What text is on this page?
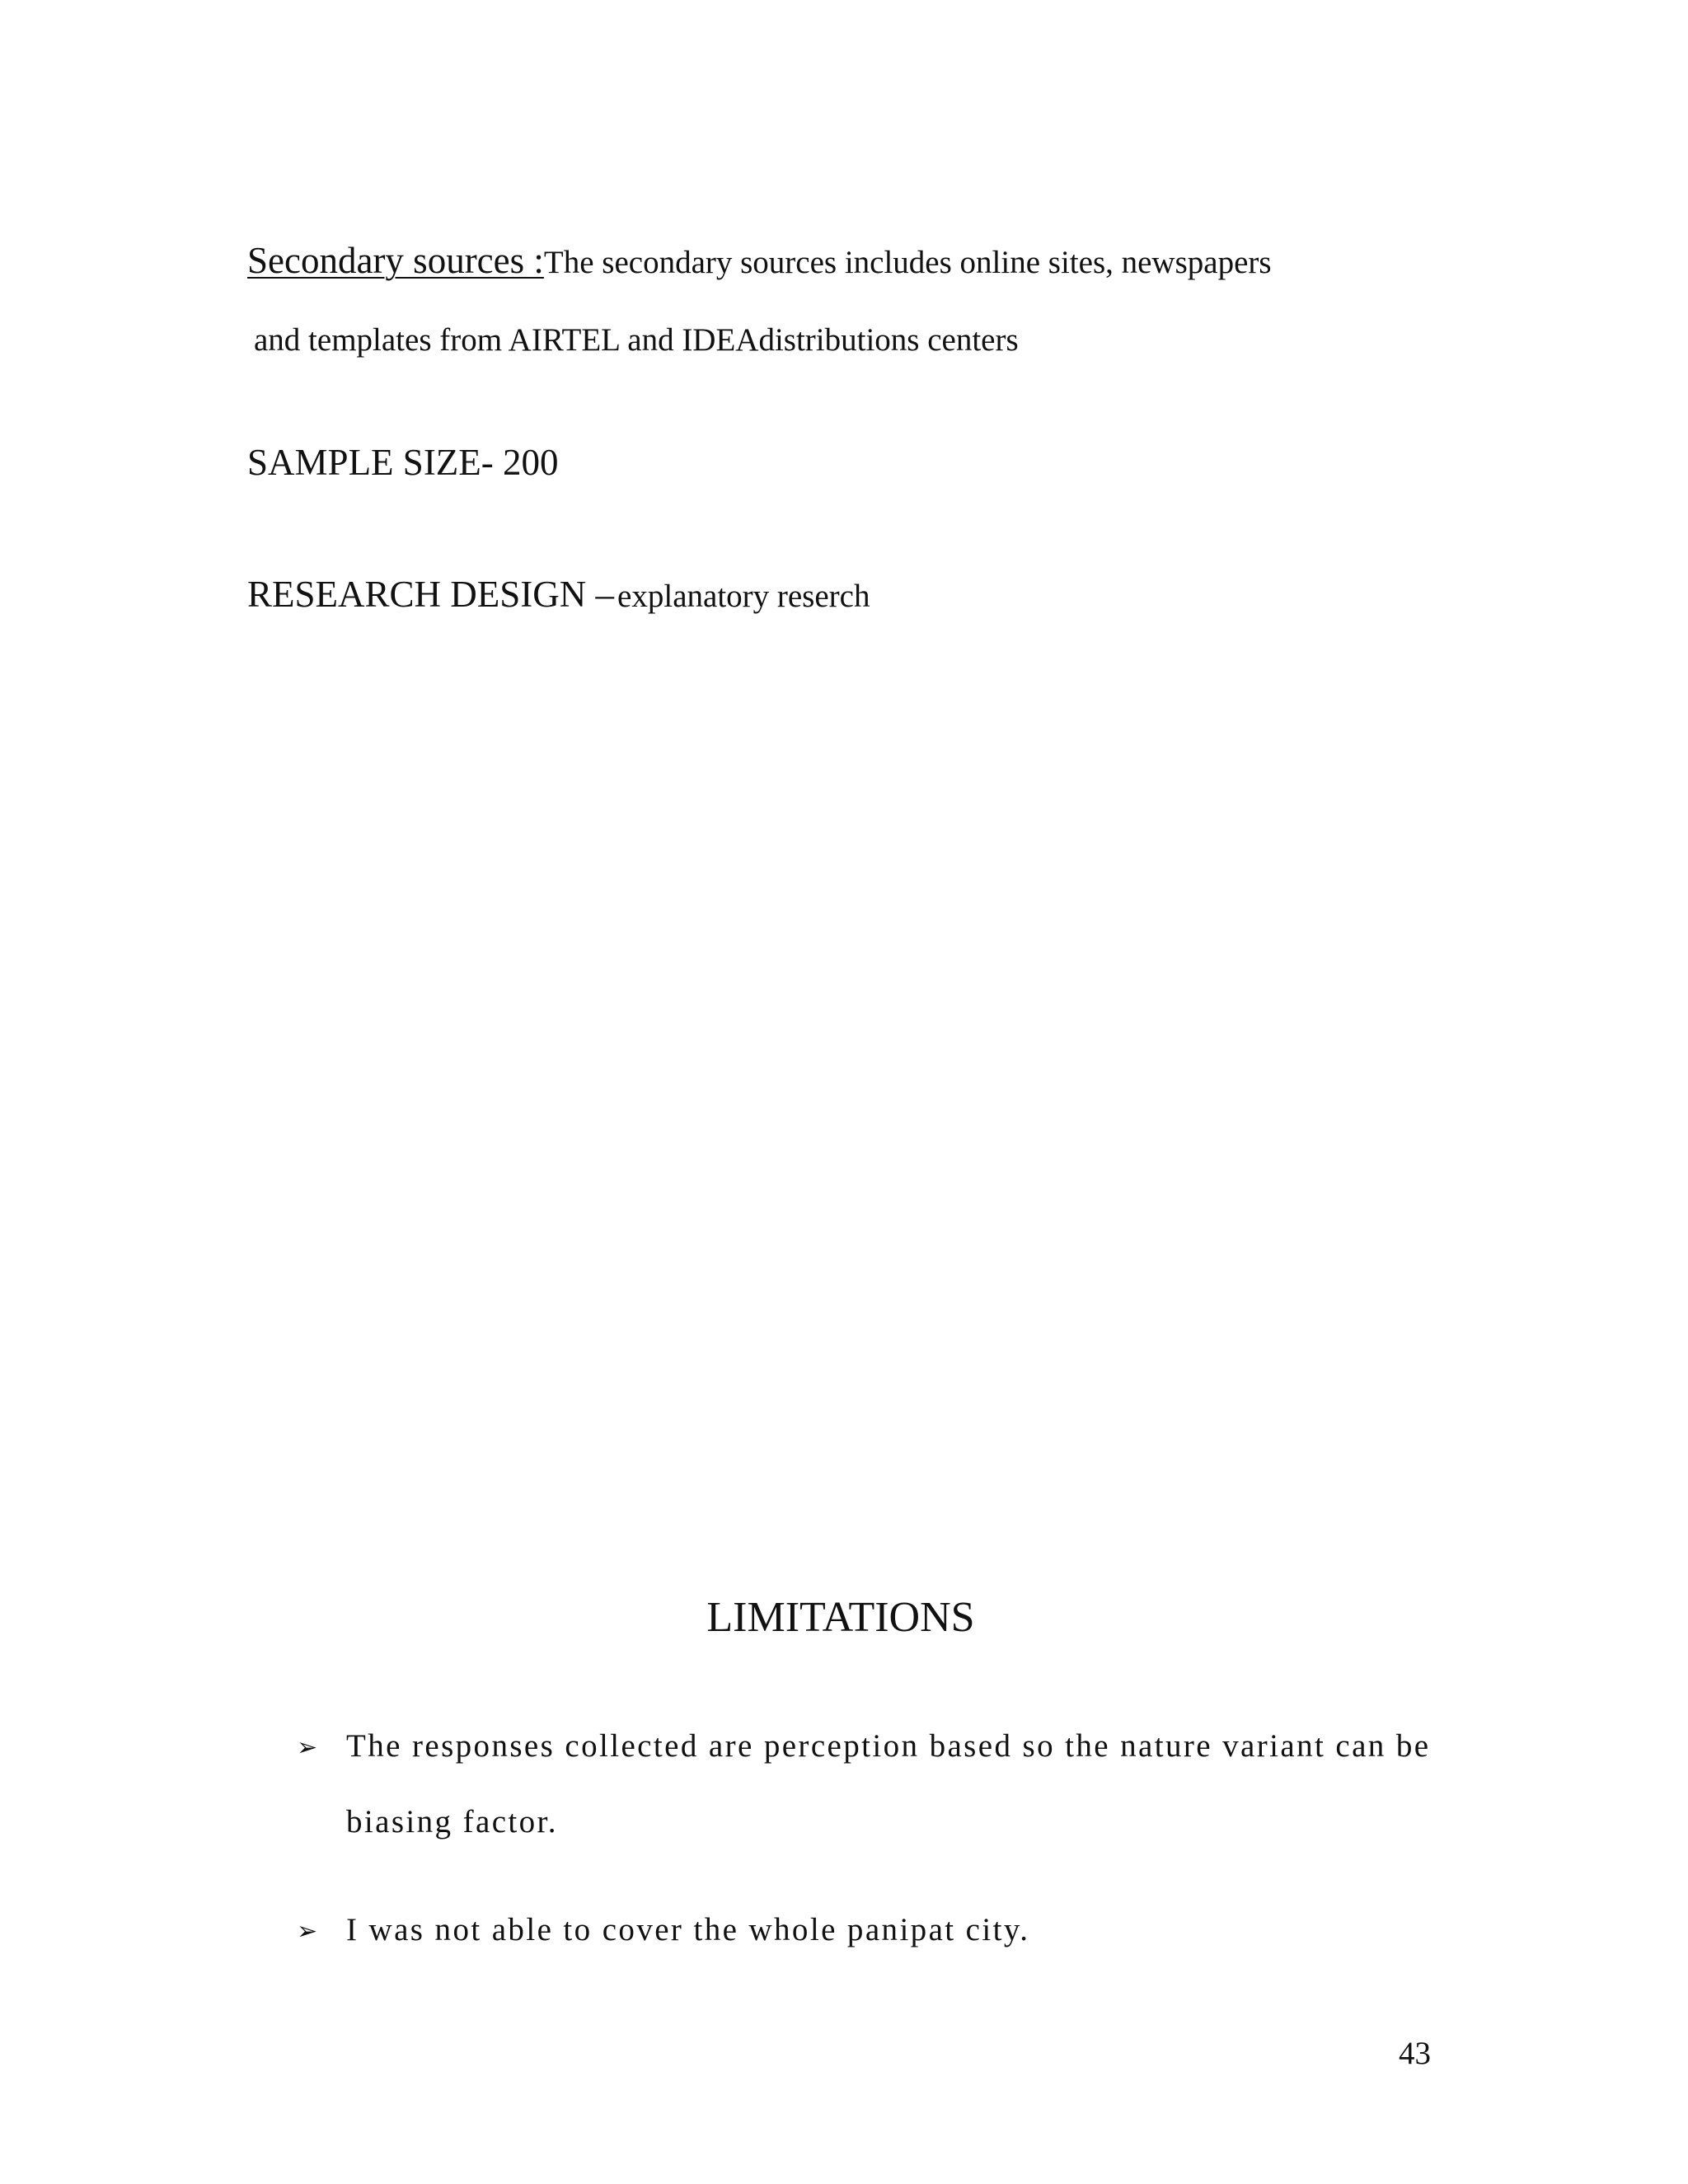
Secondary sources :The secondary sources includes online sites, newspapers
and templates from AIRTEL and IDEAdistributions centers
SAMPLE SIZE- 200
RESEARCH DESIGN – explanatory reserch
LIMITATIONS
➢ The responses collected are perception based so the nature variant can be
biasing factor.
➢ I was not able to cover the whole panipat city.
43
